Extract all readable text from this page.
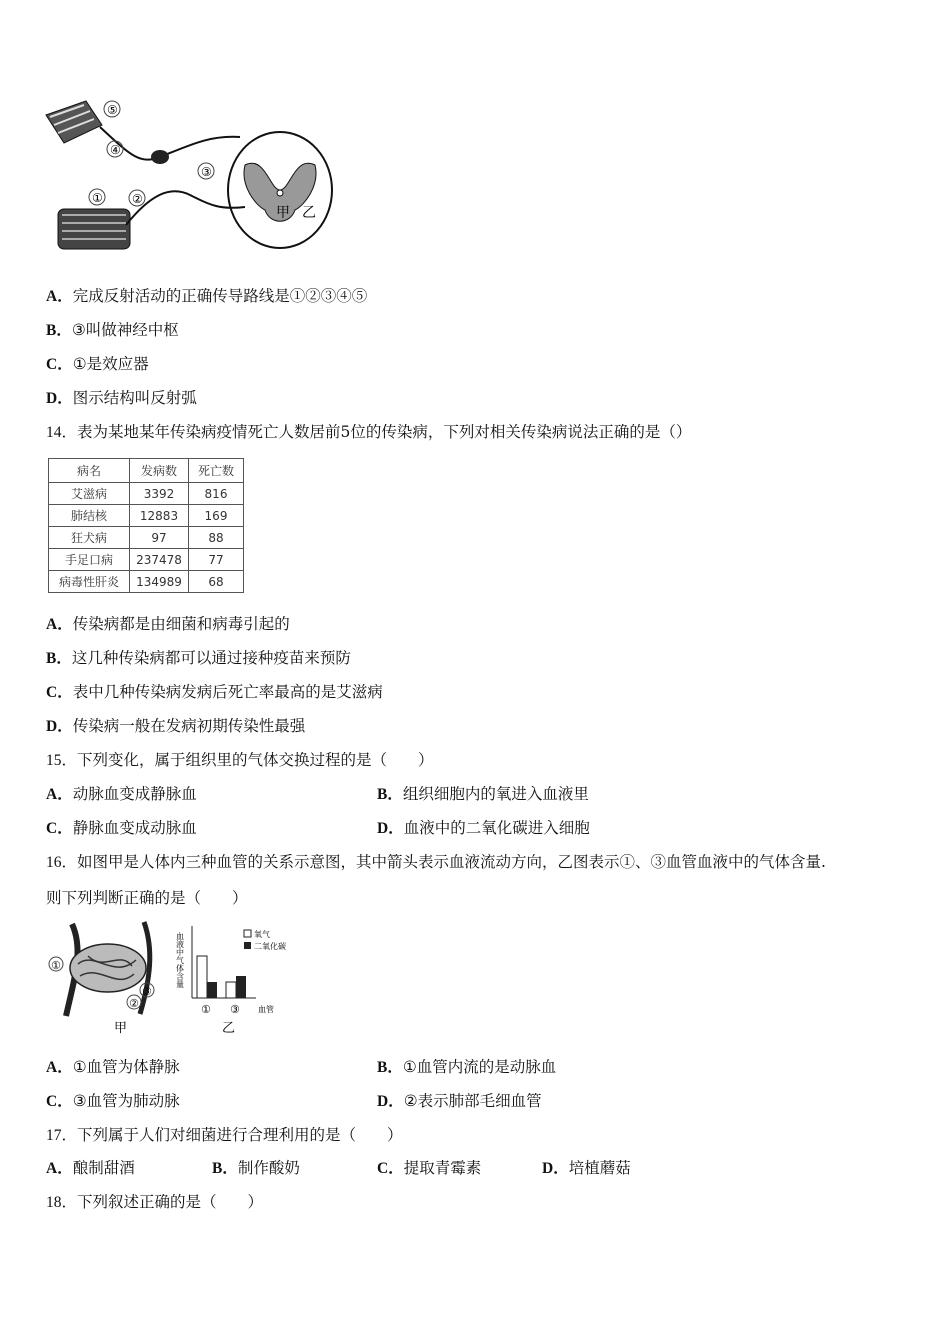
⑤
④
③
②
①
甲 乙
A．完成反射活动的正确传导路线是①②③④⑤
B．③叫做神经中枢
C．①是效应器
D．图示结构叫反射弧
14．表为某地某年传染病疫情死亡人数居前5位的传染病，下列对相关传染病说法正确的是（）
病名	发病数	死亡数
艾滋病	3392	816
肺结核	12883	169
狂犬病	97	88
手足口病	237478	77
病毒性肝炎	134989	68
A．传染病都是由细菌和病毒引起的
B．这几种传染病都可以通过接种疫苗来预防
C．表中几种传染病发病后死亡率最高的是艾滋病
D．传染病一般在发病初期传染性最强
15．下列变化，属于组织里的气体交换过程的是（　　）
A．动脉血变成静脉血	B．组织细胞内的氧进入血液里
C．静脉血变成动脉血	D．血液中的二氧化碳进入细胞
16．如图甲是人体内三种血管的关系示意图，其中箭头表示血液流动方向，乙图表示①、③血管血液中的气体含量.
则下列判断正确的是（　　）
①
②
③
甲
血液中气体含量	氧气
二氧化碳
① ③ 血管
乙
A．①血管为体静脉	B．①血管内流的是动脉血
C．③血管为肺动脉	D．②表示肺部毛细血管
17．下列属于人们对细菌进行合理利用的是（　　）
A．酿制甜酒	B．制作酸奶	C．提取青霉素	D．培植蘑菇
18．下列叙述正确的是（　　）
